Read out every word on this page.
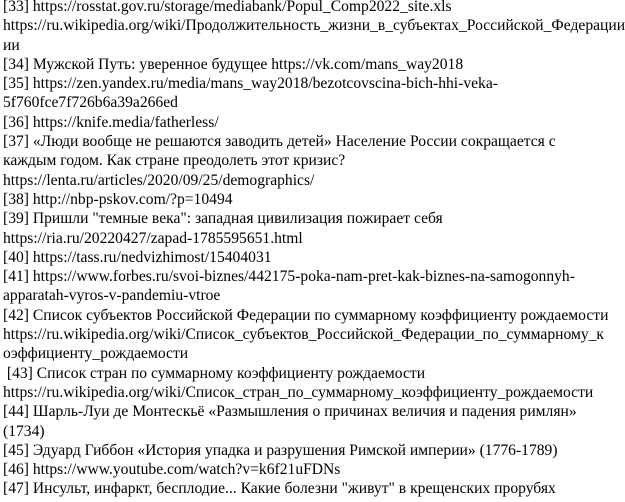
[33] https://rosstat.gov.ru/storage/mediabank/Popul_Comp2022_site.xls
https://ru.wikipedia.org/wiki/Продолжительность_жизни_в_субъектах_Российской_Федерации
ии
[34] Мужской Путь: уверенное будущее https://vk.com/mans_way2018
[35] https://zen.yandex.ru/media/mans_way2018/bezotcovscina-bich-hhi-veka-
5f760fce7f726b6a39a266ed
[36] https://knife.media/fatherless/
[37] «Люди вообще не решаются заводить детей» Население России сокращается с
каждым годом. Как стране преодолеть этот кризис?
https://lenta.ru/articles/2020/09/25/demographics/
[38] http://nbp-pskov.com/?p=10494
[39] Пришли "темные века": западная цивилизация пожирает себя
https://ria.ru/20220427/zapad-1785595651.html
[40] https://tass.ru/nedvizhimost/15404031
[41] https://www.forbes.ru/svoi-biznes/442175-poka-nam-pret-kak-biznes-na-samogonnyh-
apparatah-vyros-v-pandemiu-vtroe
[42] Список субъектов Российской Федерации по суммарному коэффициенту рождаемости
https://ru.wikipedia.org/wiki/Список_субъектов_Российской_Федерации_по_суммарному_к
оэффициенту_рождаемости
[43] Список стран по суммарному коэффициенту рождаемости
https://ru.wikipedia.org/wiki/Список_стран_по_суммарному_коэффициенту_рождаемости
[44] Шарль-Луи де Монтескьё «Размышления о причинах величия и падения римлян»
(1734)
[45] Эдуард Гиббон «История упадка и разрушения Римской империи» (1776-1789)
[46] https://www.youtube.com/watch?v=k6f21uFDNs
[47] Инсульт, инфаркт, бесплодие... Какие болезни "живут" в крещенских прорубях
